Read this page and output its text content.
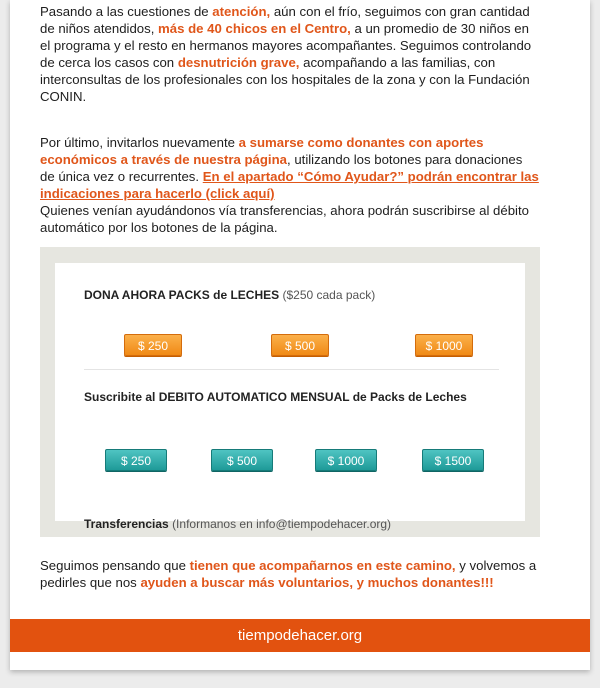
Pasando a las cuestiones de atención, aún con el frío, seguimos con gran cantidad de niños atendidos, más de 40 chicos en el Centro, a un promedio de 30 niños en el programa y el resto en hermanos mayores acompañantes. Seguimos controlando de cerca los casos con desnutrición grave, acompañando a las familias, con interconsultas de los profesionales con los hospitales de la zona y con la Fundación CONIN.

Por último, invitarlos nuevamente a sumarse como donantes con aportes económicos a través de nuestra página, utilizando los botones para donaciones de única vez o recurrentes. En el apartado “Cómo Ayudar?” podrán encontrar las indicaciones para hacerlo (click aquí)
Quienes venían ayudándonos vía transferencias, ahora podrán suscribirse al débito automático por los botones de la página.

DONA AHORA PACKS de LECHES ($250 cada pack)
$ 250	$ 500	$ 1000
Suscribite al DEBITO AUTOMATICO MENSUAL de Packs de Leches
$ 250	$ 500	$ 1000	$ 1500
Transferencias (Informanos en info@tiempodehacer.org)

Seguimos pensando que tienen que acompañarnos en este camino, y volvemos a pedirles que nos ayuden a buscar más voluntarios, y muchos donantes!!!

tiempodehacer.org
